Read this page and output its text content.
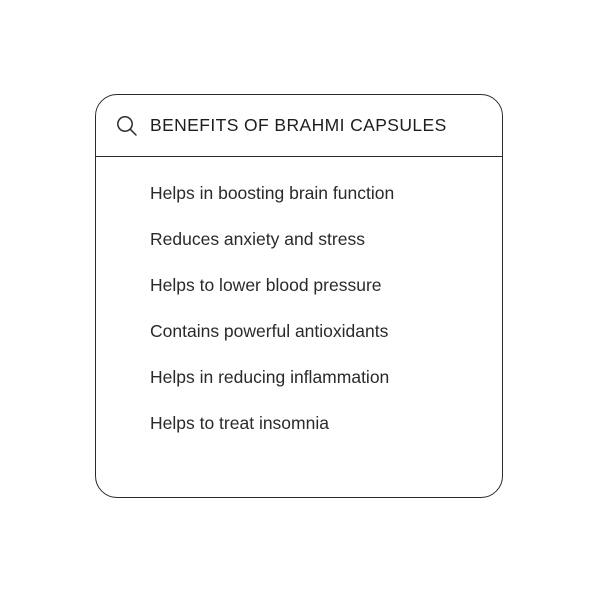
BENEFITS OF BRAHMI CAPSULES
Helps in boosting brain function
Reduces anxiety and stress
Helps to lower blood pressure
Contains powerful antioxidants
Helps in reducing inflammation
Helps to treat insomnia
